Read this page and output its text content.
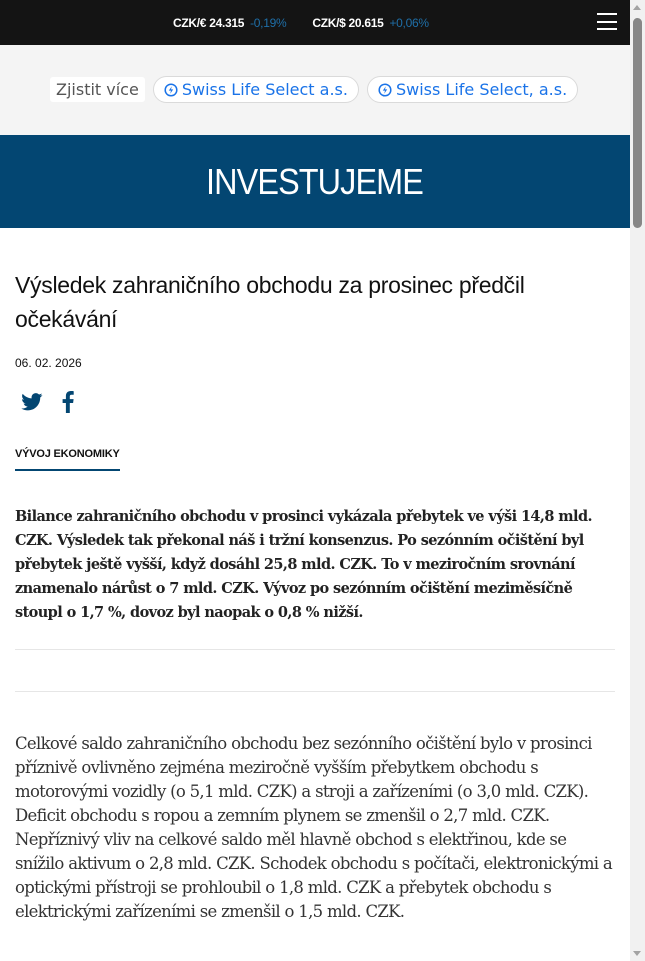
CZK/€ 24.315 -0,19% CZK/$ 20.615 +0,06%
Zjistit více	Swiss Life Select a.s.	Swiss Life Select, a.s.
INVESTUJEME
Výsledek zahraničního obchodu za prosinec předčil očekávání
06. 02. 2026
VÝVOJ EKONOMIKY
Bilance zahraničního obchodu v prosinci vykázala přebytek ve výši 14,8 mld. CZK. Výsledek tak překonal náš i tržní konsenzus. Po sezónním očištění byl přebytek ještě vyšší, když dosáhl 25,8 mld. CZK. To v meziročním srovnání znamenalo nárůst o 7 mld. CZK. Vývoz po sezónním očištění meziměsíčně stoupl o 1,7 %, dovoz byl naopak o 0,8 % nižší.
Celkové saldo zahraničního obchodu bez sezónního očištění bylo v prosinci příznivě ovlivněno zejména meziročně vyšším přebytkem obchodu s motorovými vozidly (o 5,1 mld. CZK) a stroji a zařízeními (o 3,0 mld. CZK). Deficit obchodu s ropou a zemním plynem se zmenšil o 2,7 mld. CZK. Nepříznivý vliv na celkové saldo měl hlavně obchod s elektřinou, kde se snížilo aktivum o 2,8 mld. CZK. Schodek obchodu s počítači, elektronickými a optickými přístroji se prohloubil o 1,8 mld. CZK a přebytek obchodu s elektrickými zařízeními se zmenšil o 1,5 mld. CZK.
